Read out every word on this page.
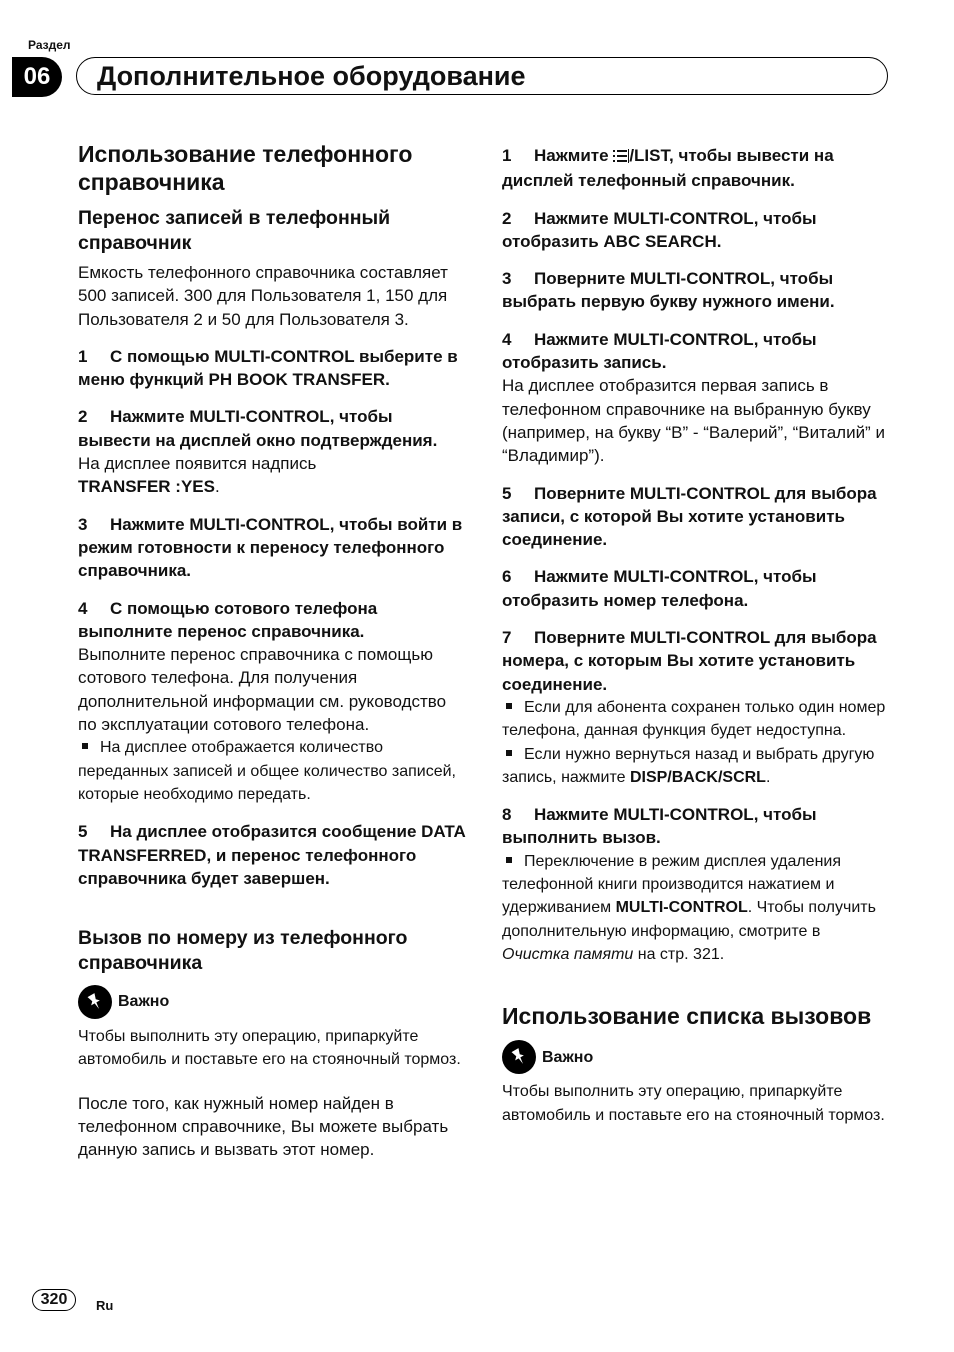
Раздел
06	Дополнительное оборудование
Использование телефонного справочника
Перенос записей в телефонный справочник

Емкость телефонного справочника составляет 500 записей. 300 для Пользователя 1, 150 для Пользователя 2 и 50 для Пользователя 3.

1 С помощью MULTI-CONTROL выберите в меню функций PH BOOK TRANSFER.

2 Нажмите MULTI-CONTROL, чтобы вывести на дисплей окно подтверждения.

На дисплее появится надпись
TRANSFER :YES.

3 Нажмите MULTI-CONTROL, чтобы войти в режим готовности к переносу телефонного справочника.

4 С помощью сотового телефона выполните перенос справочника.

Выполните перенос справочника с помощью сотового телефона. Для получения дополнительной информации см. руководство по эксплуатации сотового телефона.

На дисплее отображается количество переданных записей и общее количество записей, которые необходимо передать.

5 На дисплее отобразится сообщение DATA TRANSFERRED, и перенос телефонного справочника будет завершен.

Вызов по номеру из телефонного справочника
Важно

Чтобы выполнить эту операцию, припаркуйте автомобиль и поставьте его на стояночный тормоз.

После того, как нужный номер найден в телефонном справочнике, Вы можете выбрать данную запись и вызвать этот номер.

1 Нажмите /LIST, чтобы вывести на дисплей телефонный справочник.

2 Нажмите MULTI-CONTROL, чтобы отобразить ABC SEARCH.

3 Поверните MULTI-CONTROL, чтобы выбрать первую букву нужного имени.

4 Нажмите MULTI-CONTROL, чтобы отобразить запись.

На дисплее отобразится первая запись в телефонном справочнике на выбранную букву (например, на букву “В” - “Валерий”, “Виталий” и “Владимир”).

5 Поверните MULTI-CONTROL для выбора записи, с которой Вы хотите установить соединение.

6 Нажмите MULTI-CONTROL, чтобы отобразить номер телефона.

7 Поверните MULTI-CONTROL для выбора номера, с которым Вы хотите установить соединение.

Если для абонента сохранен только один номер телефона, данная функция будет недоступна.

Если нужно вернуться назад и выбрать другую запись, нажмите DISP/BACK/SCRL.

8 Нажмите MULTI-CONTROL, чтобы выполнить вызов.

Переключение в режим дисплея удаления телефонной книги производится нажатием и удерживанием MULTI-CONTROL. Чтобы получить дополнительную информацию, смотрите в Очистка памяти на стр. 321.

Использование списка вызовов
Важно

Чтобы выполнить эту операцию, припаркуйте автомобиль и поставьте его на стояночный тормоз.

320	Ru
